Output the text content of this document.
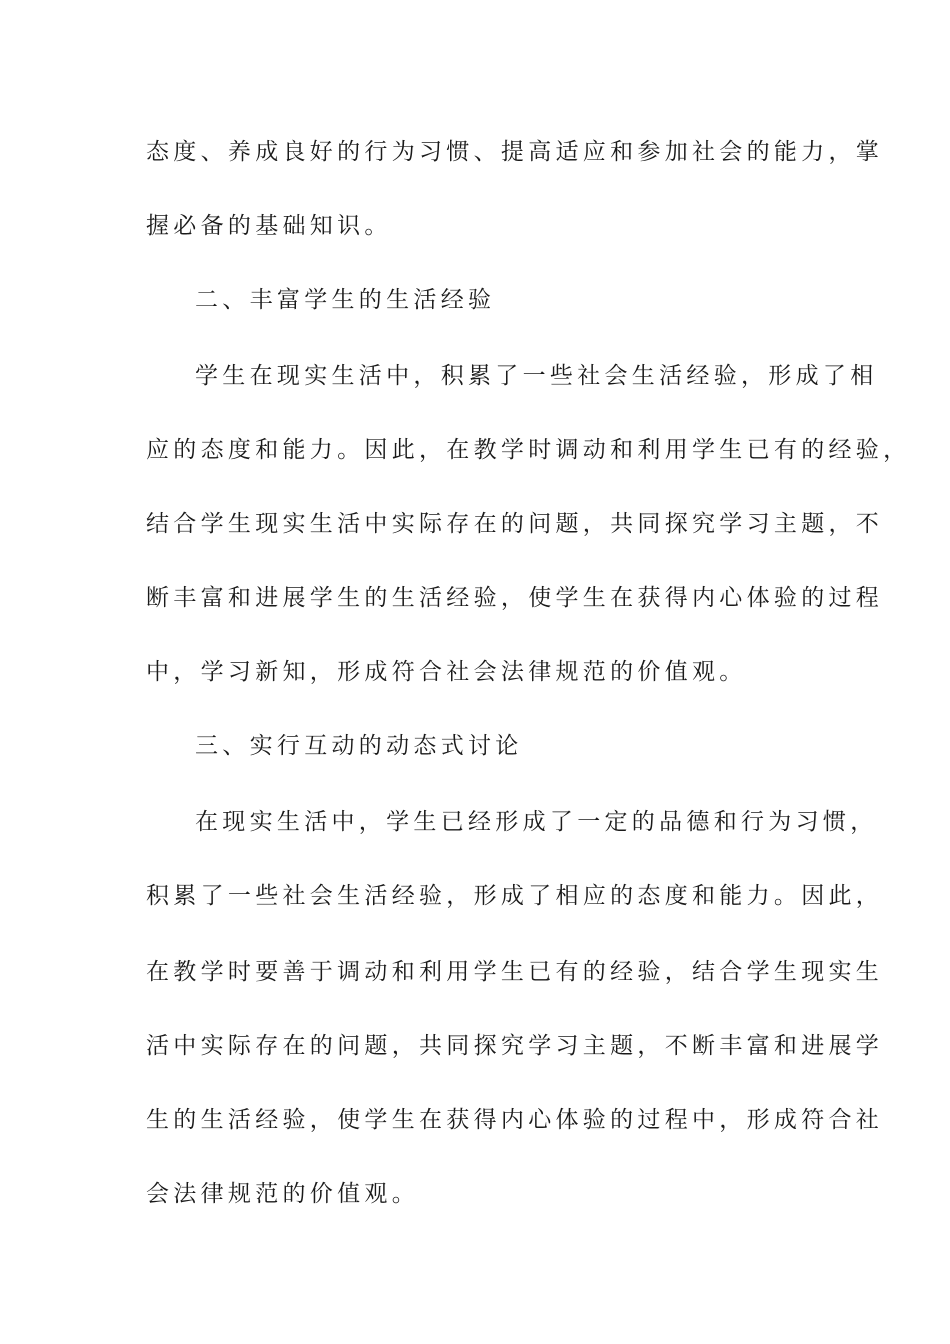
态度、养成良好的行为习惯、提高适应和参加社会的能力，掌
握必备的基础知识。
二、丰富学生的生活经验
学生在现实生活中，积累了一些社会生活经验，形成了相
应的态度和能力。因此，在教学时调动和利用学生已有的经验，
结合学生现实生活中实际存在的问题，共同探究学习主题，不
断丰富和进展学生的生活经验，使学生在获得内心体验的过程
中，学习新知，形成符合社会法律规范的价值观。
三、实行互动的动态式讨论
在现实生活中，学生已经形成了一定的品德和行为习惯，
积累了一些社会生活经验，形成了相应的态度和能力。因此，
在教学时要善于调动和利用学生已有的经验，结合学生现实生
活中实际存在的问题，共同探究学习主题，不断丰富和进展学
生的生活经验，使学生在获得内心体验的过程中，形成符合社
会法律规范的价值观。
